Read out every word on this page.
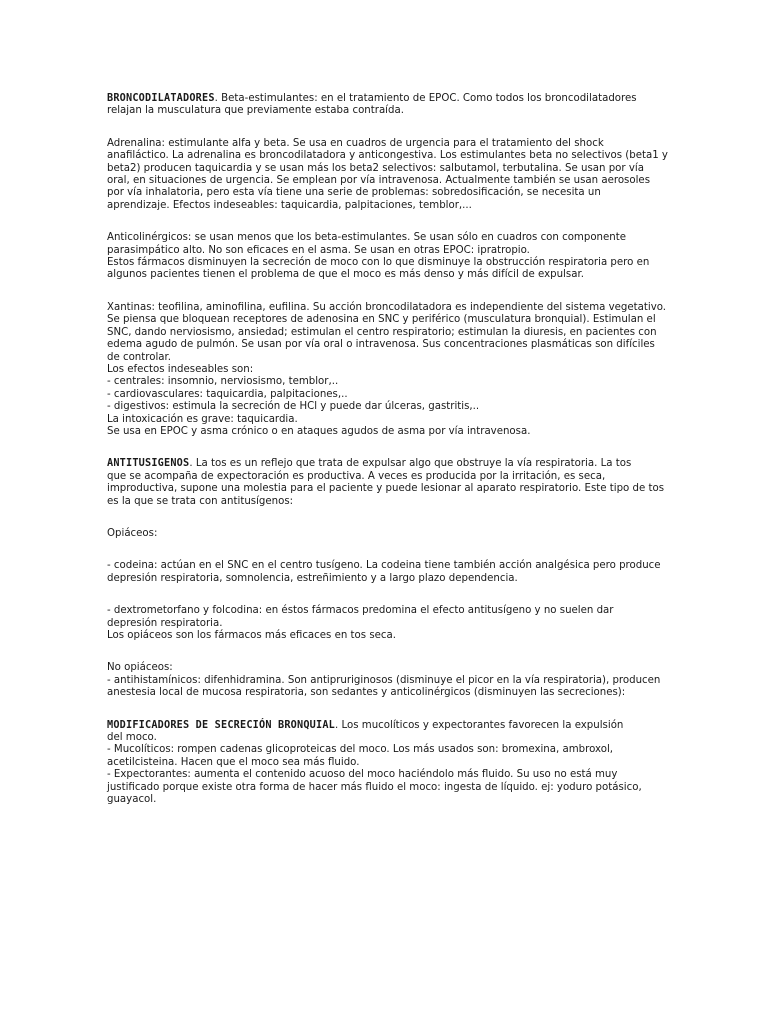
BRONCODILATADORES. Beta-estimulantes: en el tratamiento de EPOC. Como todos los broncodilatadores
relajan la musculatura que previamente estaba contraída.
Adrenalina: estimulante alfa y beta. Se usa en cuadros de urgencia para el tratamiento del shock
anafiláctico. La adrenalina es broncodilatadora y anticongestiva. Los estimulantes beta no selectivos (beta1 y
beta2) producen taquicardia y se usan más los beta2 selectivos: salbutamol, terbutalina. Se usan por vía
oral, en situaciones de urgencia. Se emplean por vía intravenosa. Actualmente también se usan aerosoles
por vía inhalatoria, pero esta vía tiene una serie de problemas: sobredosificación, se necesita un
aprendizaje. Efectos indeseables: taquicardia, palpitaciones, temblor,...
Anticolinérgicos: se usan menos que los beta-estimulantes. Se usan sólo en cuadros con componente
parasimpático alto. No son eficaces en el asma. Se usan en otras EPOC: ipratropio.
Estos fármacos disminuyen la secreción de moco con lo que disminuye la obstrucción respiratoria pero en
algunos pacientes tienen el problema de que el moco es más denso y más difícil de expulsar.
Xantinas: teofilina, aminofilina, eufilina. Su acción broncodilatadora es independiente del sistema vegetativo.
Se piensa que bloquean receptores de adenosina en SNC y periférico (musculatura bronquial). Estimulan el
SNC, dando nerviosismo, ansiedad; estimulan el centro respiratorio; estimulan la diuresis, en pacientes con
edema agudo de pulmón. Se usan por vía oral o intravenosa. Sus concentraciones plasmáticas son difíciles
de controlar.
Los efectos indeseables son:
- centrales: insomnio, nerviosismo, temblor,..
- cardiovasculares: taquicardia, palpitaciones,..
- digestivos: estimula la secreción de HCl y puede dar úlceras, gastritis,..
La intoxicación es grave: taquicardia.
Se usa en EPOC y asma crónico o en ataques agudos de asma por vía intravenosa.
ANTITUSIGENOS. La tos es un reflejo que trata de expulsar algo que obstruye la vía respiratoria. La tos
que se acompaña de expectoración es productiva. A veces es producida por la irritación, es seca,
improductiva, supone una molestia para el paciente y puede lesionar al aparato respiratorio. Este tipo de tos
es la que se trata con antitusígenos:
Opiáceos:
- codeina: actúan en el SNC en el centro tusígeno. La codeina tiene también acción analgésica pero produce
depresión respiratoria, somnolencia, estreñimiento y a largo plazo dependencia.
- dextrometorfano y folcodina: en éstos fármacos predomina el efecto antitusígeno y no suelen dar
depresión respiratoria.
Los opiáceos son los fármacos más eficaces en tos seca.
No opiáceos:
- antihistamínicos: difenhidramina. Son antipruriginosos (disminuye el picor en la vía respiratoria), producen
anestesia local de mucosa respiratoria, son sedantes y anticolinérgicos (disminuyen las secreciones):
MODIFICADORES DE SECRECIÓN BRONQUIAL. Los mucolíticos y expectorantes favorecen la expulsión
del moco.
- Mucolíticos: rompen cadenas glicoproteicas del moco. Los más usados son: bromexina, ambroxol,
acetilcisteina. Hacen que el moco sea más fluido.
- Expectorantes: aumenta el contenido acuoso del moco haciéndolo más fluido. Su uso no está muy
justificado porque existe otra forma de hacer más fluido el moco: ingesta de líquido. ej: yoduro potásico,
guayacol.
